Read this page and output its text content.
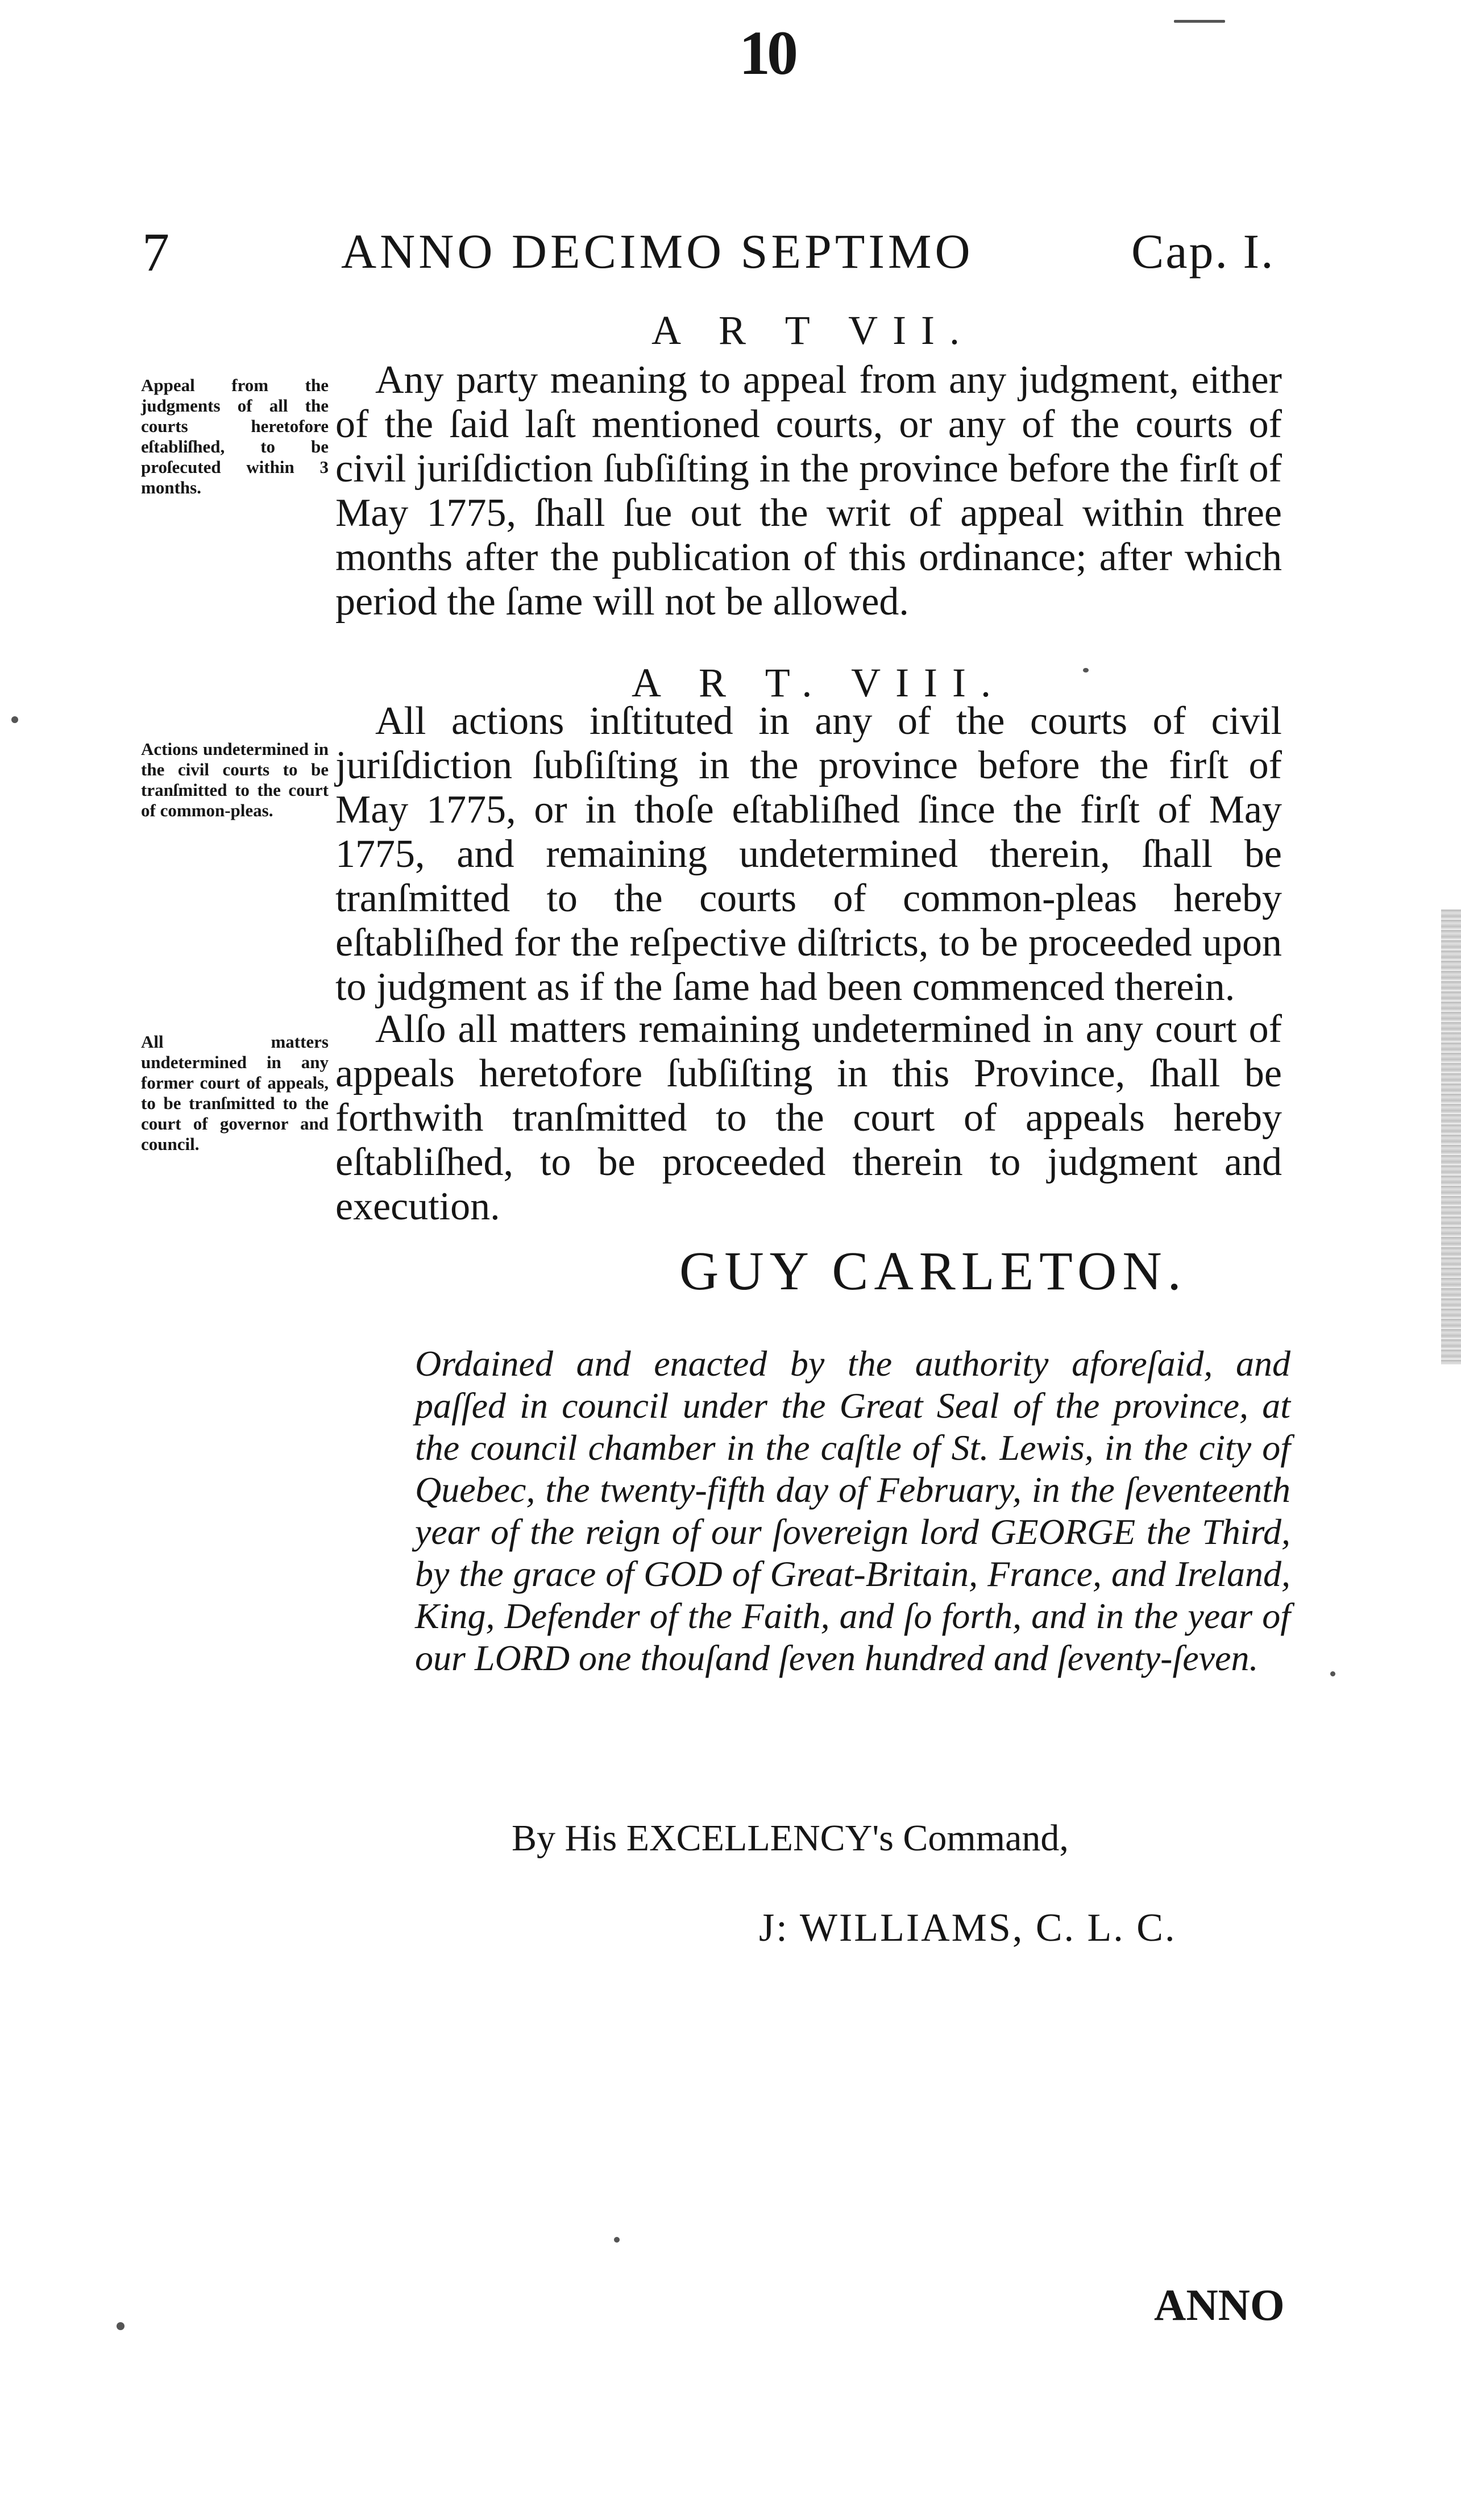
10
7	ANNO DECIMO SEPTIMO	Cap. I.
A R T VII.
Appeal from the judgments of all the courts heretofore eſtabliſhed, to be proſecuted within 3 months.

Any party meaning to appeal from any judgment, either of the ſaid laſt mentioned courts, or any of the courts of civil juriſdiction ſubſiſting in the province before the firſt of May 1775, ſhall ſue out the writ of appeal within three months after the publication of this ordinance; after which period the ſame will not be allowed.

A R T. VIII.
Actions undetermined in the civil courts to be tranſmitted to the court of common-pleas.

All actions inſtituted in any of the courts of civil juriſdiction ſubſiſting in the province before the firſt of May 1775, or in thoſe eſtabliſhed ſince the firſt of May 1775, and remaining undetermined therein, ſhall be tranſmitted to the courts of common-pleas hereby eſtabliſhed for the reſpective diſtricts, to be proceeded upon to judgment as if the ſame had been commenced therein.

All matters undetermined in any former court of appeals, to be tranſmitted to the court of governor and council.

Alſo all matters remaining undetermined in any court of appeals heretofore ſubſiſting in this Province, ſhall be forthwith tranſmitted to the court of appeals hereby eſtabliſhed, to be proceeded therein to judgment and execution.

GUY CARLETON.
Ordained and enacted by the authority aforeſaid, and paſſed in council under the Great Seal of the province, at the council chamber in the caſtle of St. Lewis, in the city of Quebec, the twenty-fifth day of February, in the ſeventeenth year of the reign of our ſovereign lord GEORGE the Third, by the grace of GOD of Great-Britain, France, and Ireland, King, Defender of the Faith, and ſo forth, and in the year of our LORD one thouſand ſeven hundred and ſeventy-ſeven.
By His EXCELLENCY's Command,
J: WILLIAMS, C. L. C.
ANNO
